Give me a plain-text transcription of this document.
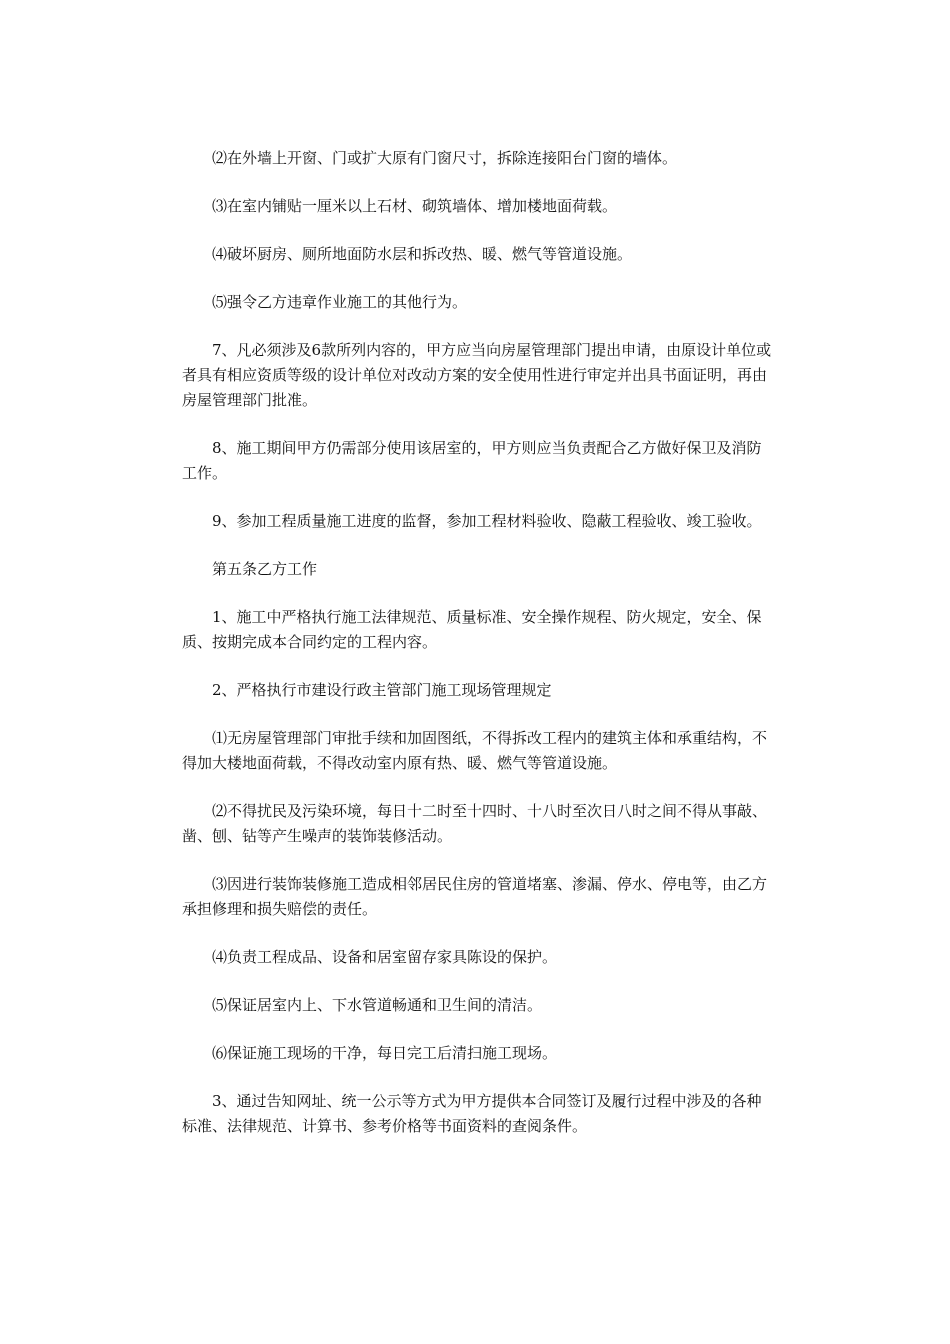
⑵在外墙上开窗、门或扩大原有门窗尺寸，拆除连接阳台门窗的墙体。

⑶在室内铺贴一厘米以上石材、砌筑墙体、增加楼地面荷载。

⑷破坏厨房、厕所地面防水层和拆改热、暖、燃气等管道设施。

⑸强令乙方违章作业施工的其他行为。

7、凡必须涉及6款所列内容的，甲方应当向房屋管理部门提出申请，由原设计单位或者具有相应资质等级的设计单位对改动方案的安全使用性进行审定并出具书面证明，再由房屋管理部门批准。

8、施工期间甲方仍需部分使用该居室的，甲方则应当负责配合乙方做好保卫及消防工作。

9、参加工程质量施工进度的监督，参加工程材料验收、隐蔽工程验收、竣工验收。

第五条乙方工作

1、施工中严格执行施工法律规范、质量标准、安全操作规程、防火规定，安全、保质、按期完成本合同约定的工程内容。

2、严格执行市建设行政主管部门施工现场管理规定

⑴无房屋管理部门审批手续和加固图纸，不得拆改工程内的建筑主体和承重结构，不得加大楼地面荷载，不得改动室内原有热、暖、燃气等管道设施。

⑵不得扰民及污染环境，每日十二时至十四时、十八时至次日八时之间不得从事敲、凿、刨、钻等产生噪声的装饰装修活动。

⑶因进行装饰装修施工造成相邻居民住房的管道堵塞、渗漏、停水、停电等，由乙方承担修理和损失赔偿的责任。

⑷负责工程成品、设备和居室留存家具陈设的保护。

⑸保证居室内上、下水管道畅通和卫生间的清洁。

⑹保证施工现场的干净，每日完工后清扫施工现场。

3、通过告知网址、统一公示等方式为甲方提供本合同签订及履行过程中涉及的各种标准、法律规范、计算书、参考价格等书面资料的查阅条件。
